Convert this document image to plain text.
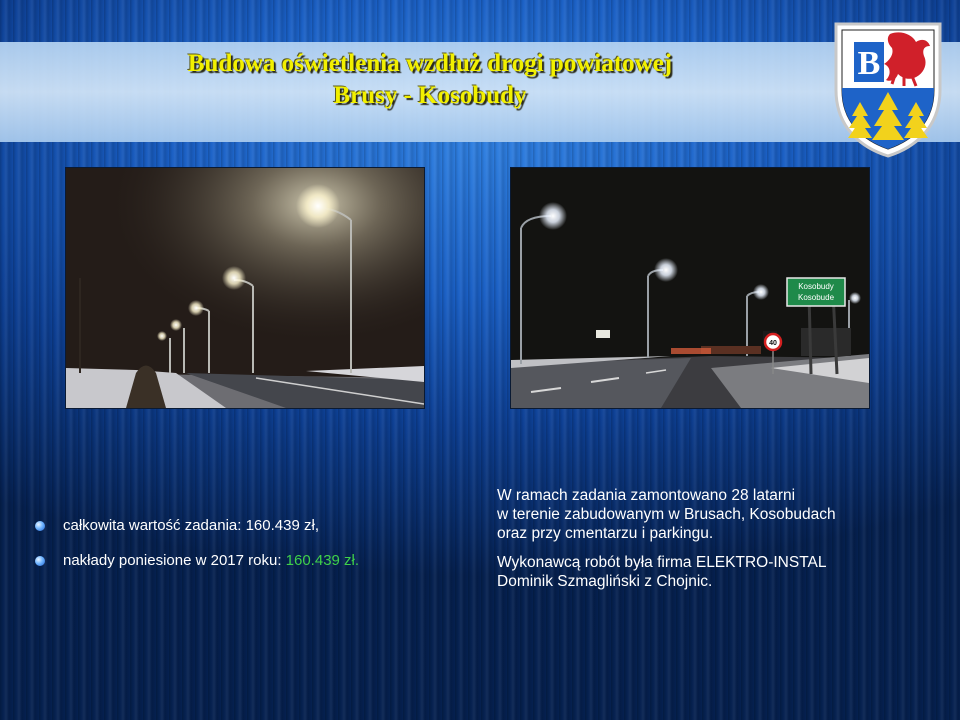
Budowa oświetlenia wzdłuż drogi powiatowej
Brusy - Kosobudy
B
Kosobudy
Kosobude
40
całkowita wartość zadania: 160.439 zł,
nakłady poniesione w 2017 roku: 160.439 zł.

W ramach zadania zamontowano 28 latarni
w terenie zabudowanym w Brusach, Kosobudach
oraz przy cmentarzu i parkingu.

Wykonawcą robót była firma ELEKTRO-INSTAL
Dominik Szmagliński z Chojnic.
